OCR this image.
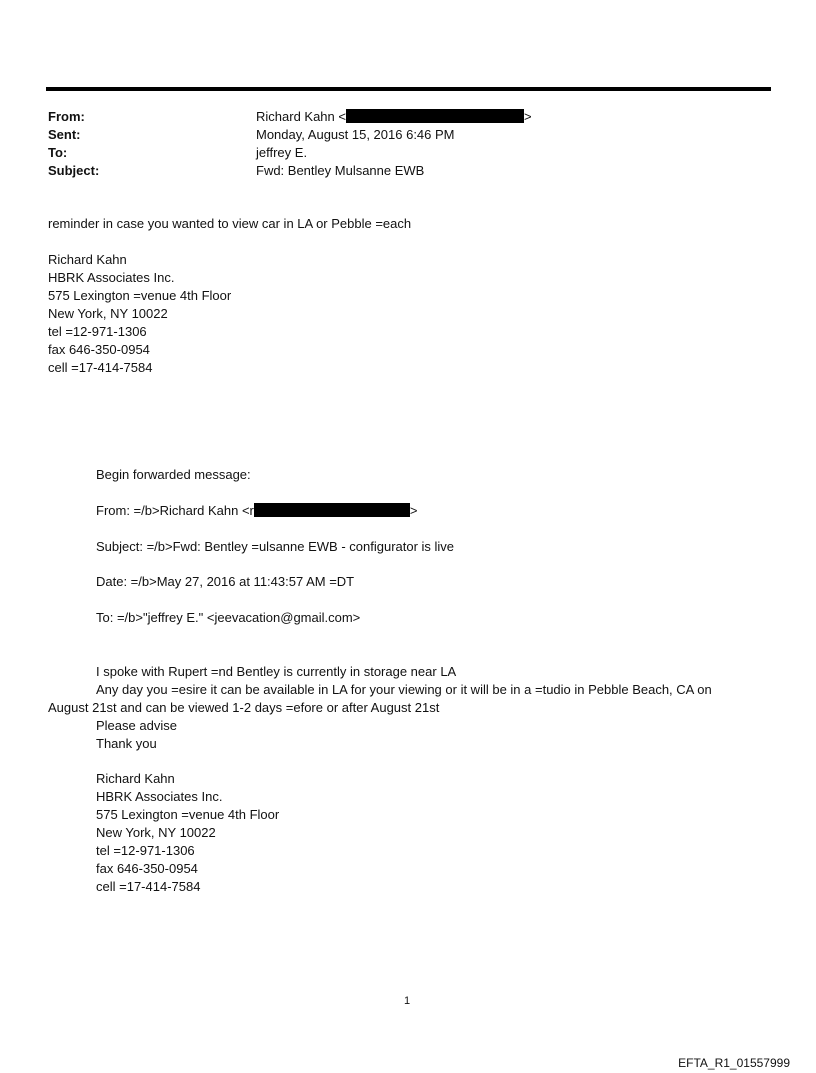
From:	Richard Kahn <	>
Sent:	Monday, August 15, 2016 6:46 PM
To:	jeffrey E.
Subject:	Fwd: Bentley Mulsanne EWB
reminder in case you wanted to view car in LA or Pebble =each
Richard Kahn
HBRK Associates Inc.
575 Lexington =venue 4th Floor
New York, NY 10022
tel =12-971-1306
fax 646-350-0954
cell =17-414-7584
Begin forwarded message:
From: =/b>Richard Kahn <r	>
Subject: =/b>Fwd: Bentley =ulsanne EWB - configurator is live
Date: =/b>May 27, 2016 at 11:43:57 AM =DT
To: =/b>"jeffrey E." <jeevacation@gmail.com>
I spoke with Rupert =nd Bentley is currently in storage near LA
Any day you =esire it can be available in LA for your viewing or it will be in a =tudio in Pebble Beach, CA on
August 21st and can be viewed 1-2 days =efore or after August 21st
Please advise
Thank you
Richard Kahn
HBRK Associates Inc.
575 Lexington =venue 4th Floor
New York, NY 10022
tel =12-971-1306
fax 646-350-0954
cell =17-414-7584
1
EFTA_R1_01557999
